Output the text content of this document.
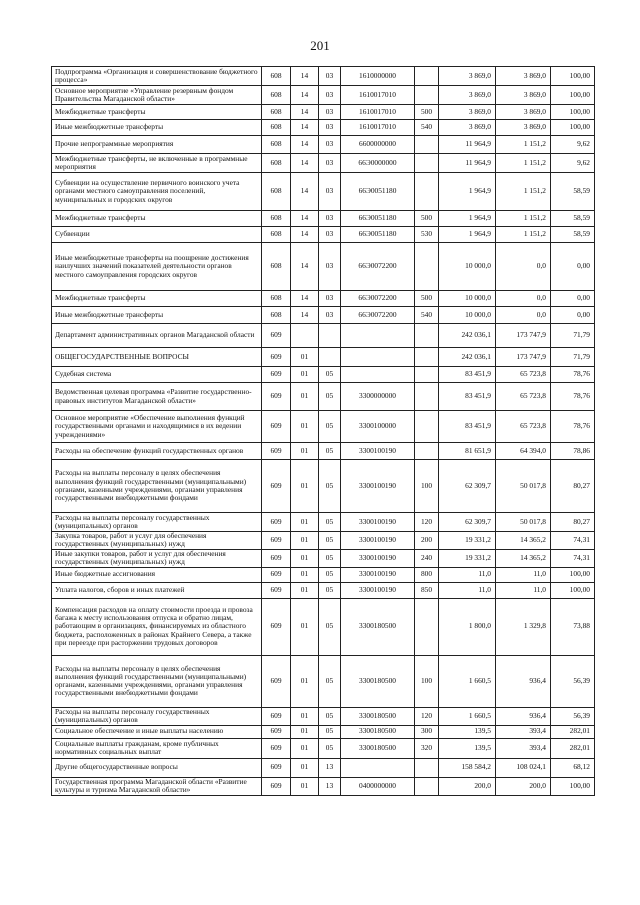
201
Подпрограмма «Организация и совершенствование бюджетного процесса»	608	14	03	1610000000		3 869,0	3 869,0	100,00
Основное мероприятие «Управление резервным фондом Правительства Магаданской области»	608	14	03	1610017010		3 869,0	3 869,0	100,00
Межбюджетные трансферты	608	14	03	1610017010	500	3 869,0	3 869,0	100,00
Иные межбюджетные трансферты	608	14	03	1610017010	540	3 869,0	3 869,0	100,00
Прочие непрограммные мероприятия	608	14	03	6600000000		11 964,9	1 151,2	9,62
Межбюджетные трансферты, не включенные в программные мероприятия	608	14	03	66Э0000000		11 964,9	1 151,2	9,62
Субвенции на осуществление первичного воинского учета органами местного самоуправления поселений, муниципальных и городских округов	608	14	03	66Э0051180		1 964,9	1 151,2	58,59
Межбюджетные трансферты	608	14	03	66Э0051180	500	1 964,9	1 151,2	58,59
Субвенции	608	14	03	66Э0051180	530	1 964,9	1 151,2	58,59
Иные межбюджетные трансферты на поощрение достижения наилучших значений показателей деятельности органов местного самоуправления городских округов	608	14	03	66Э0072200		10 000,0	0,0	0,00
Межбюджетные трансферты	608	14	03	66Э0072200	500	10 000,0	0,0	0,00
Иные межбюджетные трансферты	608	14	03	66Э0072200	540	10 000,0	0,0	0,00
Департамент административных органов Магаданской области	609					242 036,1	173 747,9	71,79
ОБЩЕГОСУДАРСТВЕННЫЕ ВОПРОСЫ	609	01				242 036,1	173 747,9	71,79
Судебная система	609	01	05			83 451,9	65 723,8	78,76
Ведомственная целевая программа «Развитие государственно-правовых институтов Магаданской области»	609	01	05	3300000000		83 451,9	65 723,8	78,76
Основное мероприятие «Обеспечение выполнения функций государственными органами и находящимися в их ведении учреждениями»	609	01	05	3300100000		83 451,9	65 723,8	78,76
Расходы на обеспечение функций государственных органов	609	01	05	3300100190		81 651,9	64 394,0	78,86
Расходы на выплаты персоналу в целях обеспечения выполнения функций государственными (муниципальными) органами, казенными учреждениями, органами управления государственными внебюджетными фондами	609	01	05	3300100190	100	62 309,7	50 017,8	80,27
Расходы на выплаты персоналу государственных (муниципальных) органов	609	01	05	3300100190	120	62 309,7	50 017,8	80,27
Закупка товаров, работ и услуг для обеспечения государственных (муниципальных) нужд	609	01	05	3300100190	200	19 331,2	14 365,2	74,31
Иные закупки товаров, работ и услуг для обеспечения государственных (муниципальных) нужд	609	01	05	3300100190	240	19 331,2	14 365,2	74,31
Иные бюджетные ассигнования	609	01	05	3300100190	800	11,0	11,0	100,00
Уплата налогов, сборов и иных платежей	609	01	05	3300100190	850	11,0	11,0	100,00
Компенсация расходов на оплату стоимости проезда и провоза багажа к месту использования отпуска и обратно лицам, работающим в организациях, финансируемых из областного бюджета, расположенных в районах Крайнего Севера, а также при переезде при расторжении трудовых договоров	609	01	05	3300180500		1 800,0	1 329,8	73,88
Расходы на выплаты персоналу в целях обеспечения выполнения функций государственными (муниципальными) органами, казенными учреждениями, органами управления государственными внебюджетными фондами	609	01	05	3300180500	100	1 660,5	936,4	56,39
Расходы на выплаты персоналу государственных (муниципальных) органов	609	01	05	3300180500	120	1 660,5	936,4	56,39
Социальное обеспечение и иные выплаты населению	609	01	05	3300180500	300	139,5	393,4	282,01
Социальные выплаты гражданам, кроме публичных нормативных социальных выплат	609	01	05	3300180500	320	139,5	393,4	282,01
Другие общегосударственные вопросы	609	01	13			158 584,2	108 024,1	68,12
Государственная программа Магаданской области «Развитие культуры и туризма Магаданской области»	609	01	13	0400000000		200,0	200,0	100,00
